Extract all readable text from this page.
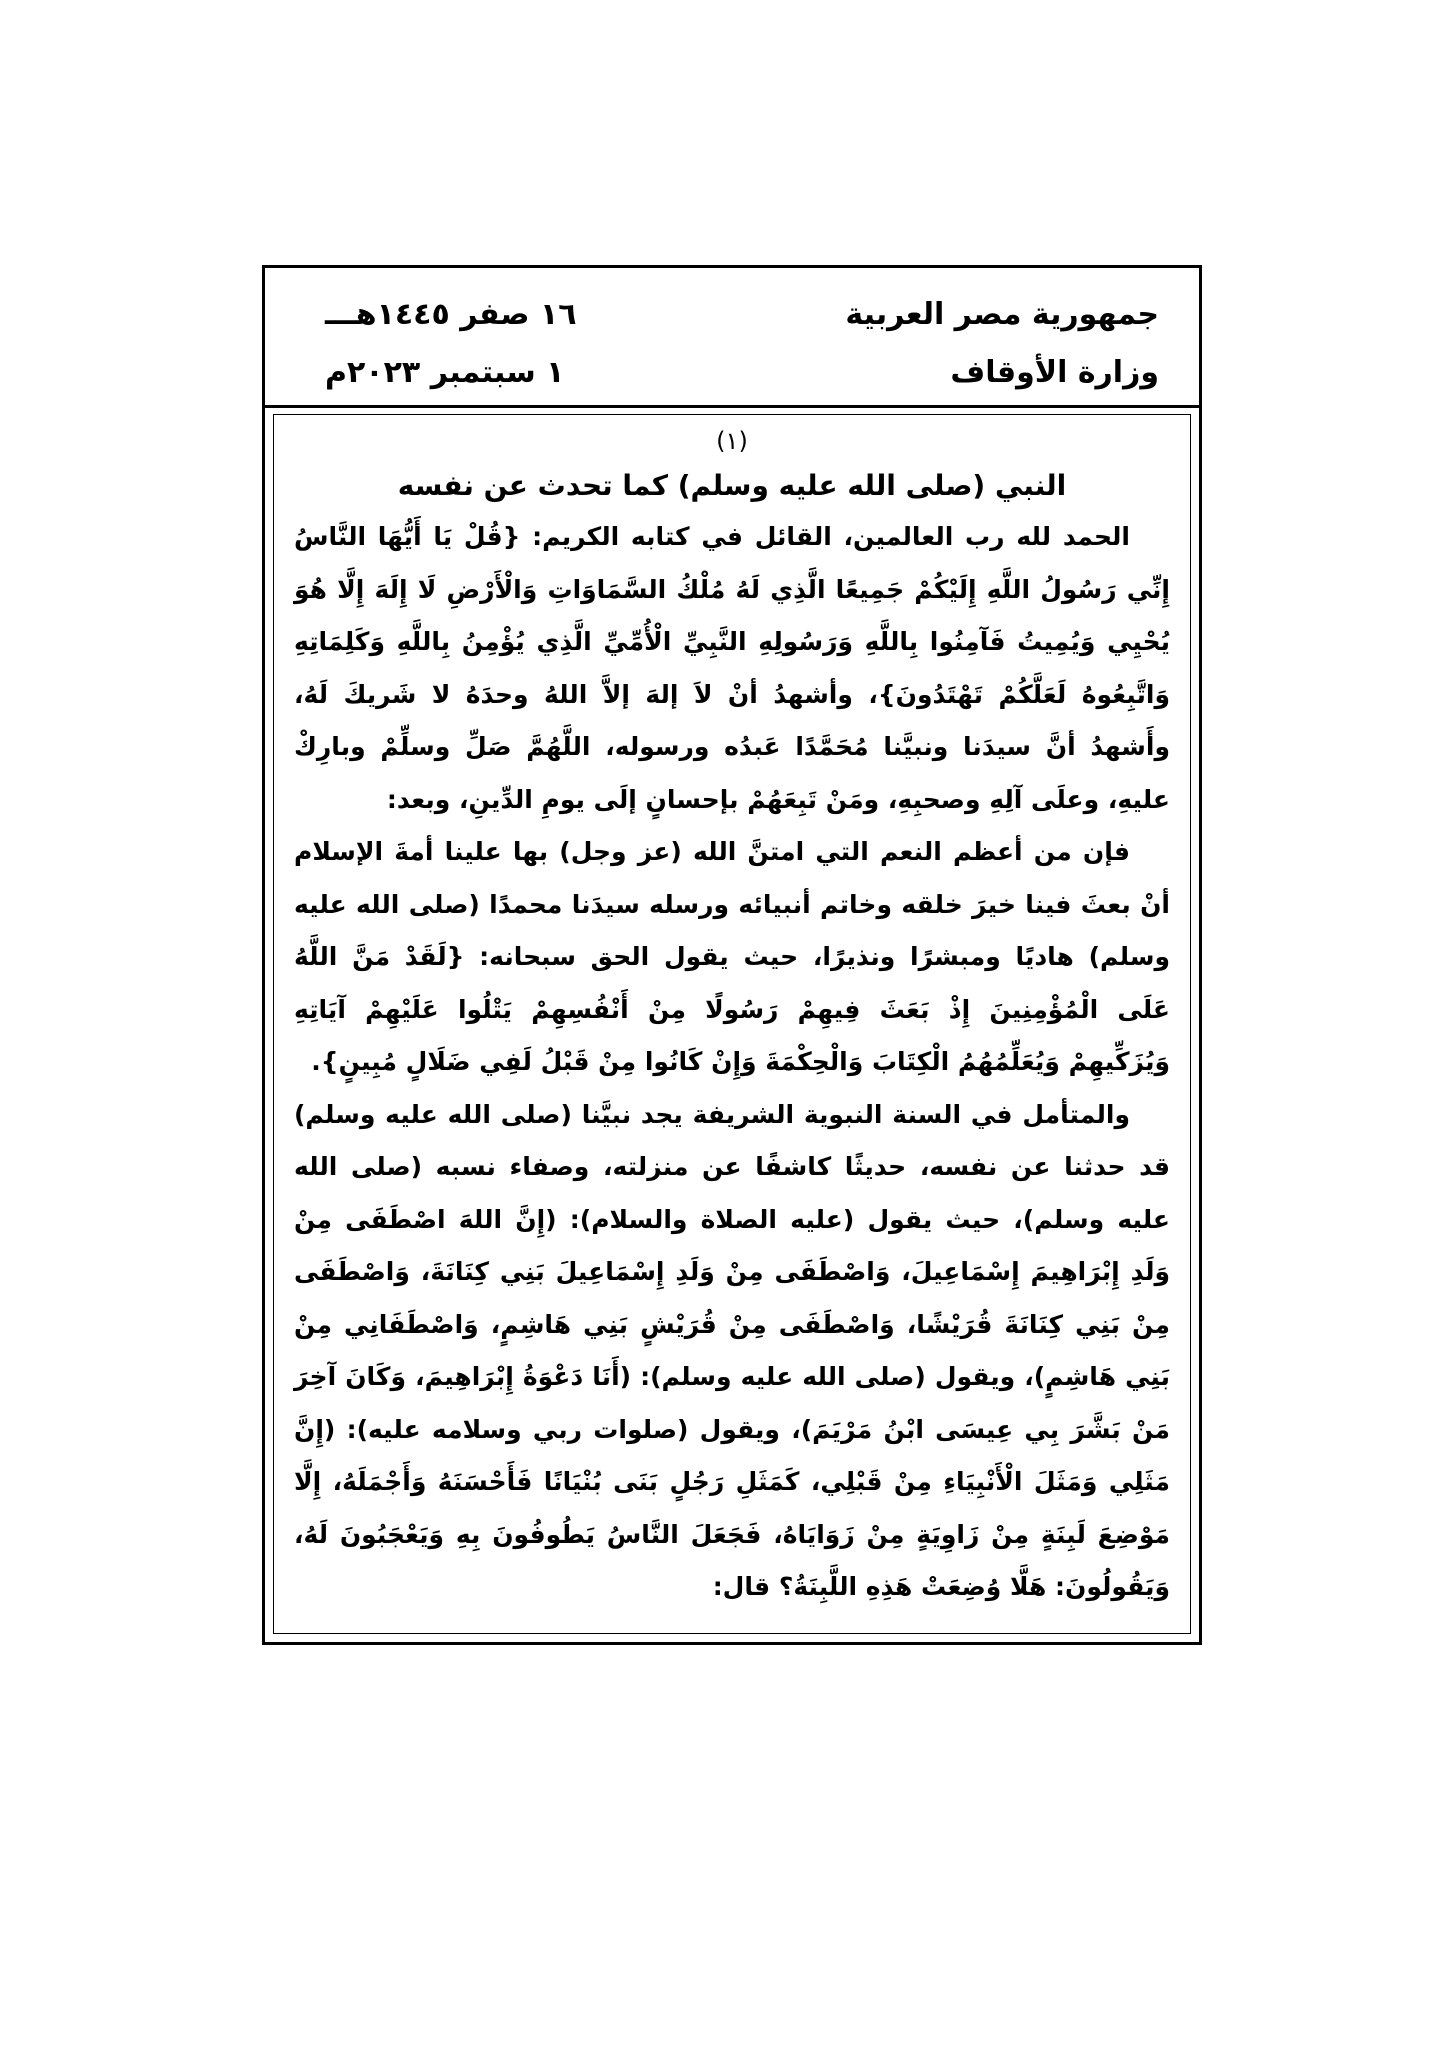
جمهورية مصر العربية
وزارة الأوقاف
١٦ صفر ١٤٤٥هـــ
١ سبتمبر ٢٠٢٣م

(١)

النبي (صلى الله عليه وسلم) كما تحدث عن نفسه

الحمد لله رب العالمين، القائل في كتابه الكريم: {قُلْ يَا أَيُّهَا النَّاسُ إِنِّي رَسُولُ اللَّهِ إِلَيْكُمْ جَمِيعًا الَّذِي لَهُ مُلْكُ السَّمَاوَاتِ وَالْأَرْضِ لَا إِلَهَ إِلَّا هُوَ يُحْيِي وَيُمِيتُ فَآمِنُوا بِاللَّهِ وَرَسُولِهِ النَّبِيِّ الْأُمِّيِّ الَّذِي يُؤْمِنُ بِاللَّهِ وَكَلِمَاتِهِ وَاتَّبِعُوهُ لَعَلَّكُمْ تَهْتَدُونَ}، وأشهدُ أنْ لاَ إلهَ إلاَّ اللهُ وحدَهُ لا شَريكَ لَهُ، وأَشهدُ أنَّ سيدَنا ونبيَّنا مُحَمَّدًا عَبدُه ورسوله، اللَّهُمَّ صَلِّ وسلِّمْ وبارِكْ عليهِ، وعلَى آلِهِ وصحبِهِ، ومَنْ تَبِعَهُمْ بإحسانٍ إلَى يومِ الدِّينِ، وبعد:

فإن من أعظم النعم التي امتنَّ الله (عز وجل) بها علينا أمةَ الإسلام أنْ بعثَ فينا خيرَ خلقه وخاتم أنبيائه ورسله سيدَنا محمدًا (صلى الله عليه وسلم) هاديًا ومبشرًا ونذيرًا، حيث يقول الحق سبحانه: {لَقَدْ مَنَّ اللَّهُ عَلَى الْمُؤْمِنِينَ إِذْ بَعَثَ فِيهِمْ رَسُولًا مِنْ أَنْفُسِهِمْ يَتْلُوا عَلَيْهِمْ آيَاتِهِ وَيُزَكِّيهِمْ وَيُعَلِّمُهُمُ الْكِتَابَ وَالْحِكْمَةَ وَإِنْ كَانُوا مِنْ قَبْلُ لَفِي ضَلَالٍ مُبِينٍ}.

والمتأمل في السنة النبوية الشريفة يجد نبيَّنا (صلى الله عليه وسلم) قد حدثنا عن نفسه، حديثًا كاشفًا عن منزلته، وصفاء نسبه (صلى الله عليه وسلم)، حيث يقول (عليه الصلاة والسلام): (إِنَّ اللهَ اصْطَفَى مِنْ وَلَدِ إِبْرَاهِيمَ إِسْمَاعِيلَ، وَاصْطَفَى مِنْ وَلَدِ إِسْمَاعِيلَ بَنِي كِنَانَةَ، وَاصْطَفَى مِنْ بَنِي كِنَانَةَ قُرَيْشًا، وَاصْطَفَى مِنْ قُرَيْشٍ بَنِي هَاشِمٍ، وَاصْطَفَانِي مِنْ بَنِي هَاشِمٍ)، ويقول (صلى الله عليه وسلم): (أَنَا دَعْوَةُ إِبْرَاهِيمَ، وَكَانَ آخِرَ مَنْ بَشَّرَ بِي عِيسَى ابْنُ مَرْيَمَ)، ويقول (صلوات ربي وسلامه عليه): (إِنَّ مَثَلِي وَمَثَلَ الْأَنْبِيَاءِ مِنْ قَبْلِي، كَمَثَلِ رَجُلٍ بَنَى بُنْيَانًا فَأَحْسَنَهُ وَأَجْمَلَهُ، إِلَّا مَوْضِعَ لَبِنَةٍ مِنْ زَاوِيَةٍ مِنْ زَوَايَاهُ، فَجَعَلَ النَّاسُ يَطُوفُونَ بِهِ وَيَعْجَبُونَ لَهُ، وَيَقُولُونَ: هَلَّا وُضِعَتْ هَذِهِ اللَّبِنَةُ؟ قال:
